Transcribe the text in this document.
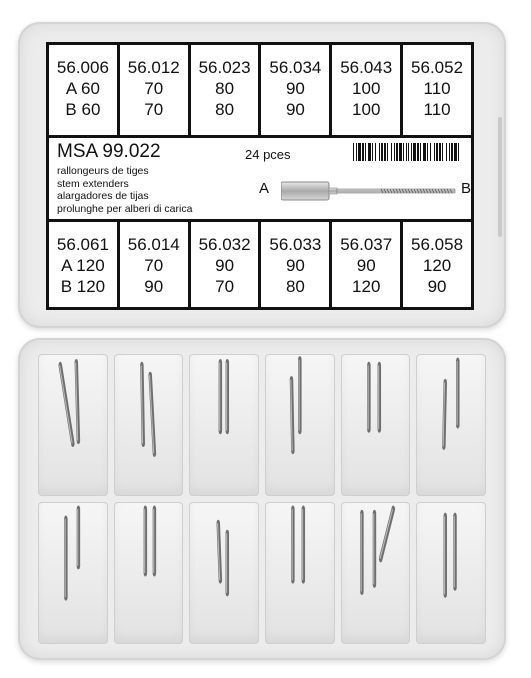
56.006
A 60
B 60
56.012
70
70
56.023
80
80
56.034
90
90
56.043
100
100
56.052
110
110
MSA 99.022	24 pces
rallongeurs de tiges
stem extenders
alargadores de tijas
prolunghe per alberi di carica
A	B
56.061
A 120
B 120
56.014
70
90
56.032
90
70
56.033
90
80
56.037
90
120
56.058
120
90
